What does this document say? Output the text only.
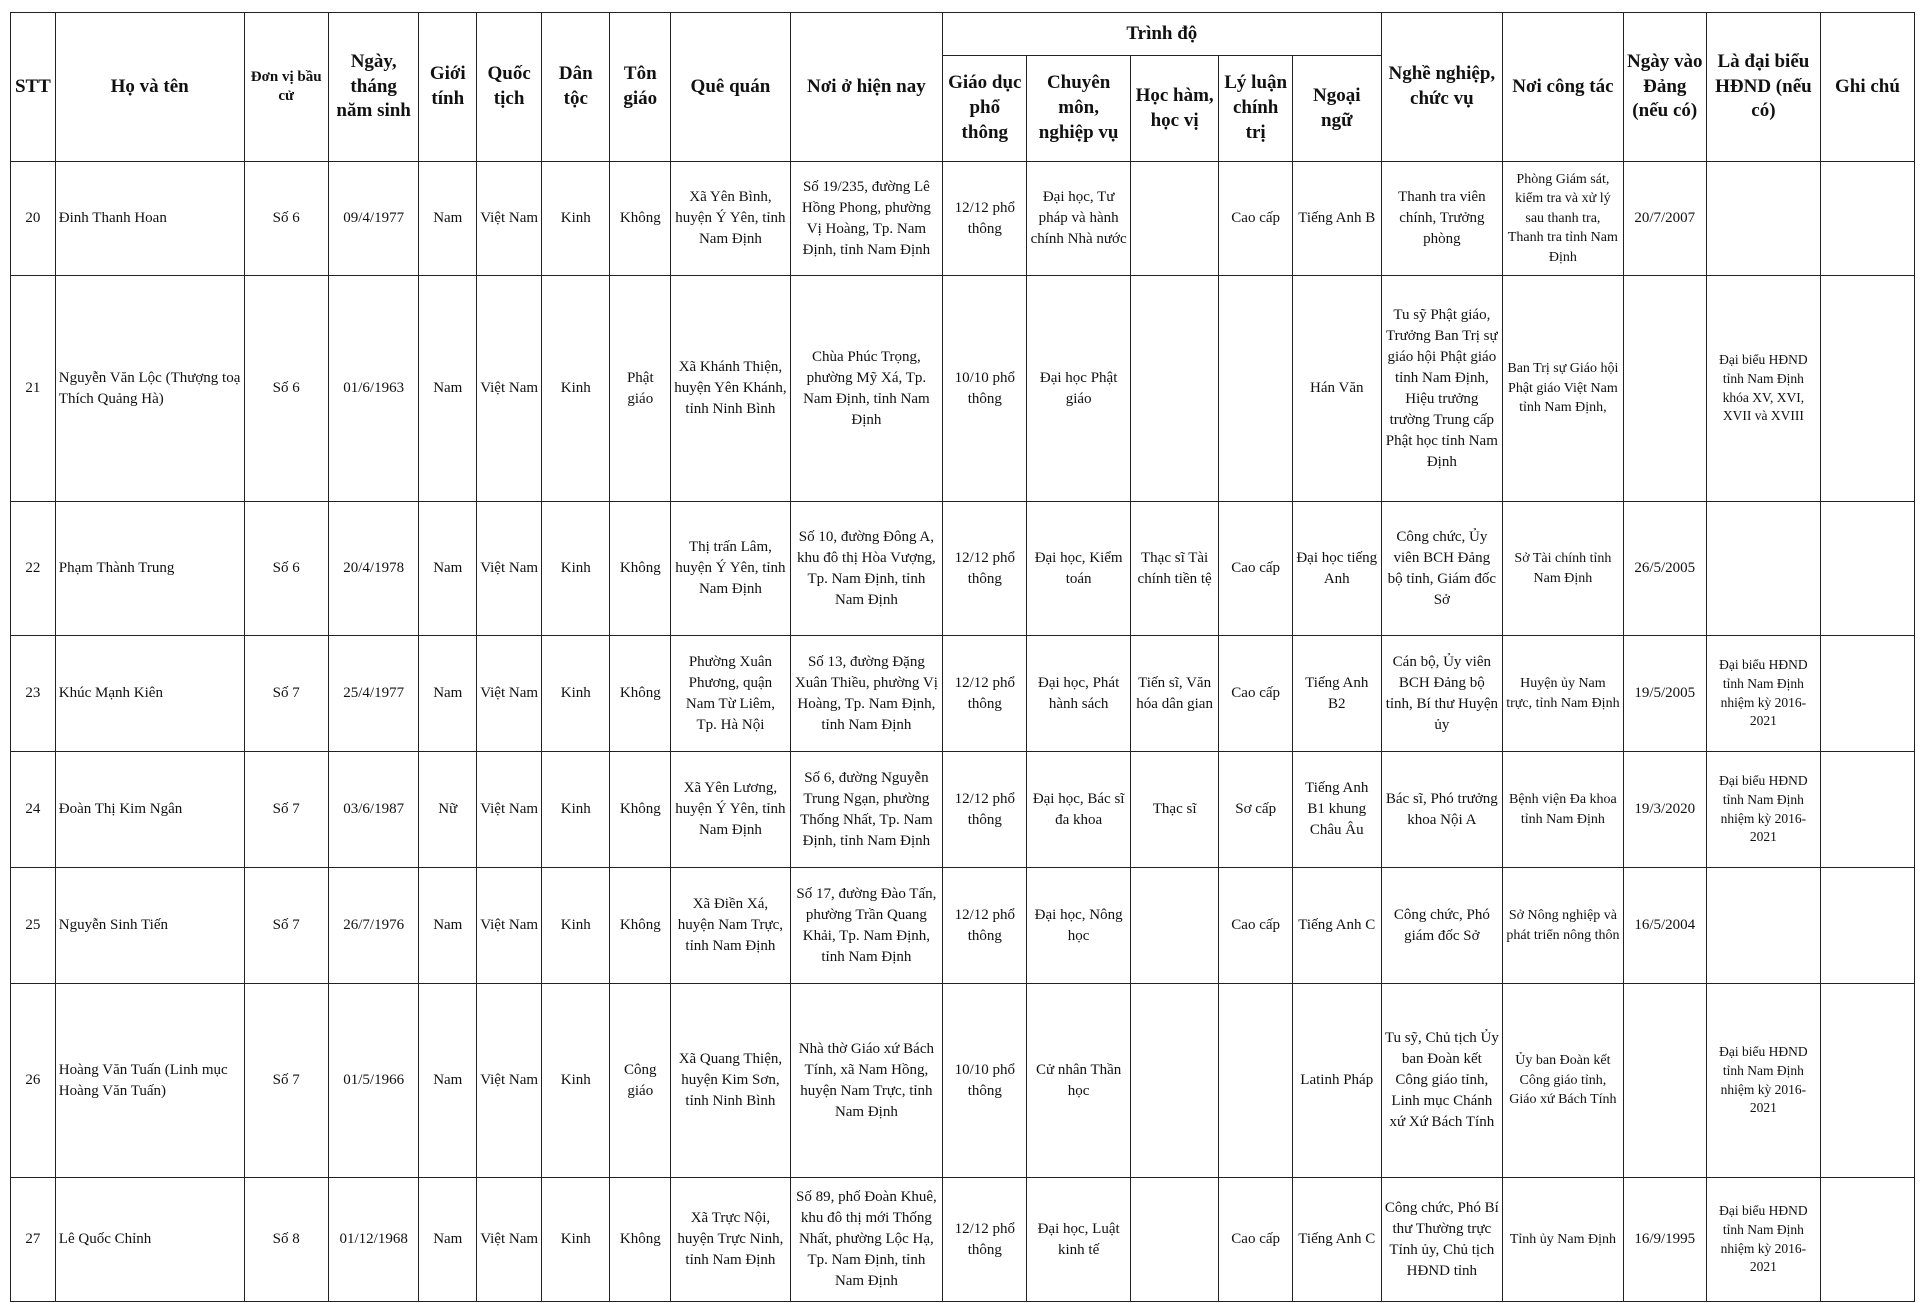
STT	Họ và tên	Đơn vị bầu cử	Ngày, tháng năm sinh	Giới tính	Quốc tịch	Dân tộc	Tôn giáo	Quê quán	Nơi ở hiện nay	Trình độ					Nghề nghiệp, chức vụ	Nơi công tác	Ngày vào Đảng (nếu có)	Là đại biểu HĐND (nếu có)	Ghi chú
										Giáo dục phổ thông	Chuyên môn, nghiệp vụ	Học hàm, học vị	Lý luận chính trị	Ngoại ngữ					
20	Đinh Thanh Hoan	Số 6	09/4/1977	Nam	Việt Nam	Kinh	Không	Xã Yên Bình, huyện Ý Yên, tỉnh Nam Định	Số 19/235, đường Lê Hồng Phong, phường Vị Hoàng, Tp. Nam Định, tỉnh Nam Định	12/12 phổ thông	Đại học, Tư pháp và hành chính Nhà nước		Cao cấp	Tiếng Anh B	Thanh tra viên chính, Trưởng phòng	Phòng Giám sát, kiểm tra và xử lý sau thanh tra, Thanh tra tỉnh Nam Định	20/7/2007		
21	Nguyễn Văn Lộc (Thượng toạ Thích Quảng Hà)	Số 6	01/6/1963	Nam	Việt Nam	Kinh	Phật giáo	Xã Khánh Thiện, huyện Yên Khánh, tỉnh Ninh Bình	Chùa Phúc Trọng, phường Mỹ Xá, Tp. Nam Định, tỉnh Nam Định	10/10 phổ thông	Đại học Phật giáo			Hán Văn	Tu sỹ Phật giáo, Trưởng Ban Trị sự giáo hội Phật giáo tỉnh Nam Định, Hiệu trưởng trường Trung cấp Phật học tỉnh Nam Định	Ban Trị sự Giáo hội Phật giáo Việt Nam tỉnh Nam Định,		Đại biểu HĐND tỉnh Nam Định khóa XV, XVI, XVII và XVIII	
22	Phạm Thành Trung	Số 6	20/4/1978	Nam	Việt Nam	Kinh	Không	Thị trấn Lâm, huyện Ý Yên, tỉnh Nam Định	Số 10, đường Đông A, khu đô thị Hòa Vượng, Tp. Nam Định, tỉnh Nam Định	12/12 phổ thông	Đại học, Kiểm toán	Thạc sĩ Tài chính tiền tệ	Cao cấp	Đại học tiếng Anh	Công chức, Ủy viên BCH Đảng bộ tỉnh, Giám đốc Sở	Sở Tài chính tỉnh Nam Định	26/5/2005		
23	Khúc Mạnh Kiên	Số 7	25/4/1977	Nam	Việt Nam	Kinh	Không	Phường Xuân Phương, quận Nam Từ Liêm, Tp. Hà Nội	Số 13, đường Đặng Xuân Thiều, phường Vị Hoàng, Tp. Nam Định, tỉnh Nam Định	12/12 phổ thông	Đại học, Phát hành sách	Tiến sĩ, Văn hóa dân gian	Cao cấp	Tiếng Anh B2	Cán bộ, Ủy viên BCH Đảng bộ tỉnh, Bí thư Huyện ủy	Huyện ủy Nam trực, tỉnh Nam Định	19/5/2005	Đại biểu HĐND tỉnh Nam Định nhiệm kỳ 2016-2021	
24	Đoàn Thị Kim Ngân	Số 7	03/6/1987	Nữ	Việt Nam	Kinh	Không	Xã Yên Lương, huyện Ý Yên, tỉnh Nam Định	Số 6, đường Nguyễn Trung Ngạn, phường Thống Nhất, Tp. Nam Định, tỉnh Nam Định	12/12 phổ thông	Đại học, Bác sĩ đa khoa	Thạc sĩ	Sơ cấp	Tiếng Anh B1 khung Châu Âu	Bác sĩ, Phó trưởng khoa Nội A	Bệnh viện Đa khoa tỉnh Nam Định	19/3/2020	Đại biểu HĐND tỉnh Nam Định nhiệm kỳ 2016-2021	
25	Nguyễn Sinh Tiến	Số 7	26/7/1976	Nam	Việt Nam	Kinh	Không	Xã Điền Xá, huyện Nam Trực, tỉnh Nam Định	Số 17, đường Đào Tấn, phường Trần Quang Khải, Tp. Nam Định, tỉnh Nam Định	12/12 phổ thông	Đại học, Nông học		Cao cấp	Tiếng Anh C	Công chức, Phó giám đốc Sở	Sở Nông nghiệp và phát triển nông thôn	16/5/2004		
26	Hoàng Văn Tuấn (Linh mục Hoàng Văn Tuấn)	Số 7	01/5/1966	Nam	Việt Nam	Kinh	Công giáo	Xã Quang Thiện, huyện Kim Sơn, tỉnh Ninh Bình	Nhà thờ Giáo xứ Bách Tính, xã Nam Hồng, huyện Nam Trực, tỉnh Nam Định	10/10 phổ thông	Cử nhân Thần học			Latinh Pháp	Tu sỹ, Chủ tịch Ủy ban Đoàn kết Công giáo tỉnh, Linh mục Chánh xứ Xứ Bách Tính	Ủy ban Đoàn kết Công giáo tỉnh, Giáo xứ Bách Tính		Đại biểu HĐND tỉnh Nam Định nhiệm kỳ 2016-2021	
27	Lê Quốc Chỉnh	Số 8	01/12/1968	Nam	Việt Nam	Kinh	Không	Xã Trực Nội, huyện Trực Ninh, tỉnh Nam Định	Số 89, phố Đoàn Khuê, khu đô thị mới Thống Nhất, phường Lộc Hạ, Tp. Nam Định, tỉnh Nam Định	12/12 phổ thông	Đại học, Luật kinh tế		Cao cấp	Tiếng Anh C	Công chức, Phó Bí thư Thường trực Tỉnh ủy, Chủ tịch HĐND tỉnh	Tỉnh ủy Nam Định	16/9/1995	Đại biểu HĐND tỉnh Nam Định nhiệm kỳ 2016-2021	
